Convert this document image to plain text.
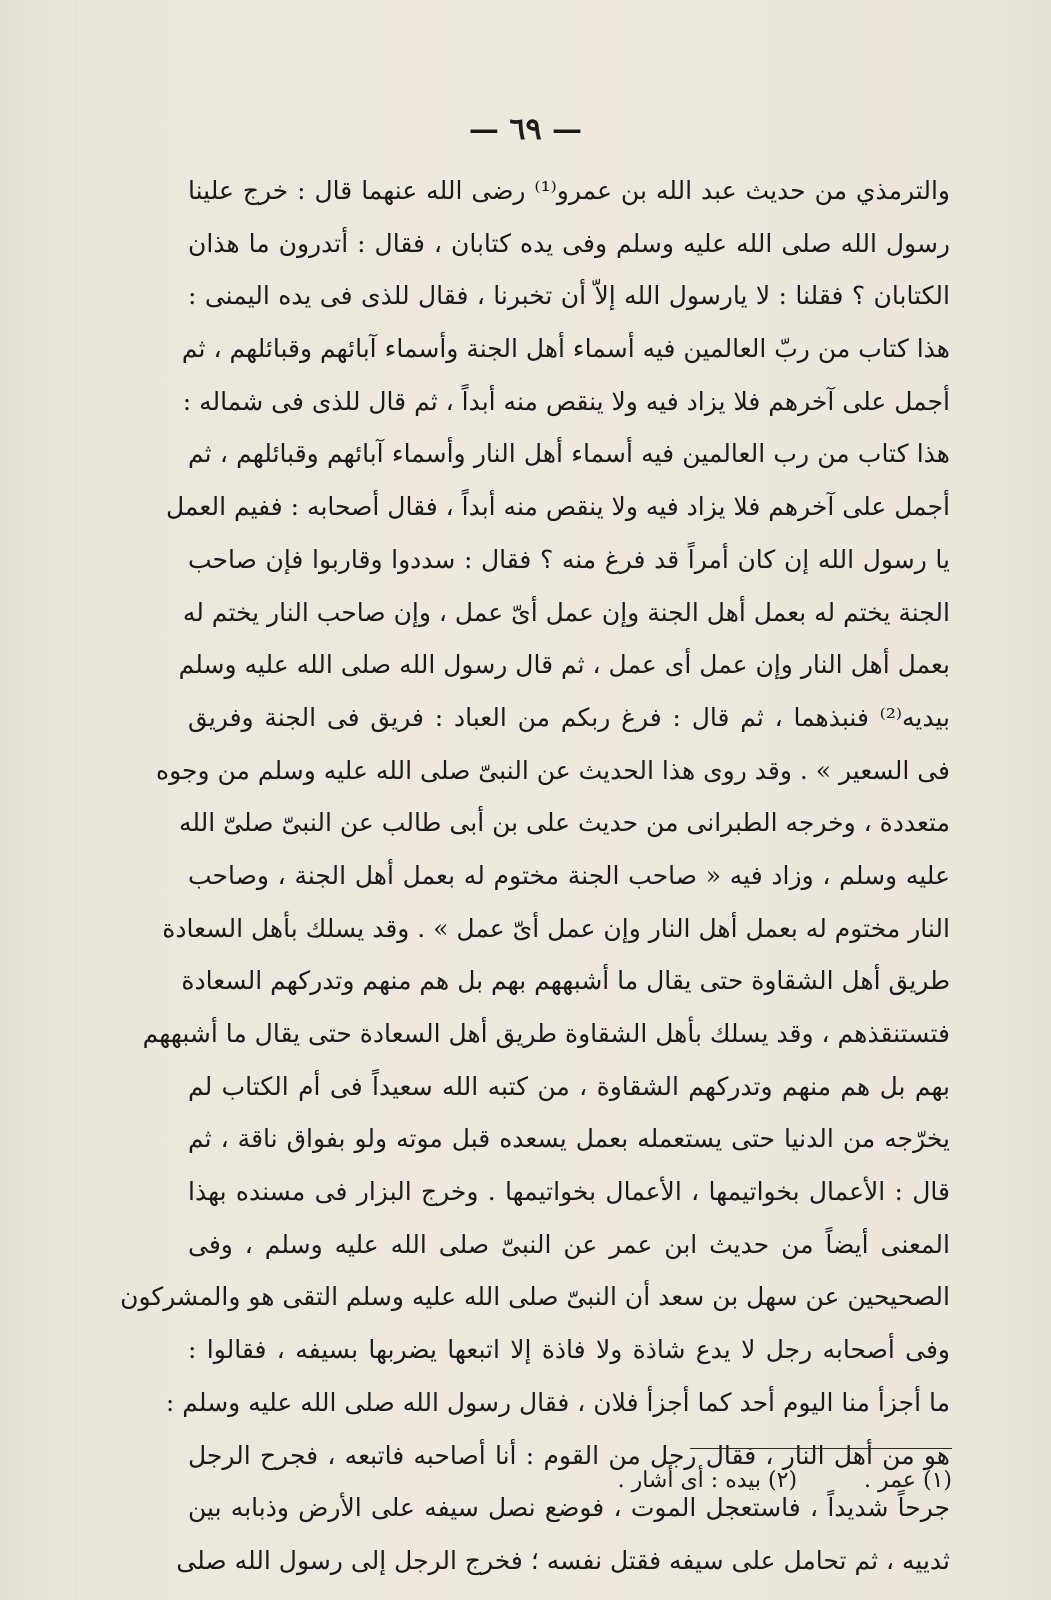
— ٦٩ —
والترمذي من حديث عبد الله بن عمرو⁽¹⁾ رضى الله عنهما قال : خرج علينا
رسول الله صلى الله عليه وسلم وفى يده كتابان ، فقال : أتدرون ما هذان
الكتابان ؟ فقلنا : لا يارسول الله إلاّ أن تخبرنا ، فقال للذى فى يده اليمنى :
هذا كتاب من ربّ العالمين فيه أسماء أهل الجنة وأسماء آبائهم وقبائلهم ، ثم
أجمل على آخرهم فلا يزاد فيه ولا ينقص منه أبداً ، ثم قال للذى فى شماله :
هذا كتاب من رب العالمين فيه أسماء أهل النار وأسماء آبائهم وقبائلهم ، ثم
أجمل على آخرهم فلا يزاد فيه ولا ينقص منه أبداً ، فقال أصحابه : ففيم العمل
يا رسول الله إن كان أمراً قد فرغ منه ؟ فقال : سددوا وقاربوا فإن صاحب
الجنة يختم له بعمل أهل الجنة وإن عمل أىّ عمل ، وإن صاحب النار يختم له
بعمل أهل النار وإن عمل أى عمل ، ثم قال رسول الله صلى الله عليه وسلم
بيديه⁽²⁾ فنبذهما ، ثم قال : فرغ ربكم من العباد : فريق فى الجنة وفريق
فى السعير » . وقد روى هذا الحديث عن النبىّ صلى الله عليه وسلم من وجوه
متعددة ، وخرجه الطبرانى من حديث على بن أبى طالب عن النبىّ صلىّ الله
عليه وسلم ، وزاد فيه « صاحب الجنة مختوم له بعمل أهل الجنة ، وصاحب
النار مختوم له بعمل أهل النار وإن عمل أىّ عمل » . وقد يسلك بأهل السعادة
طريق أهل الشقاوة حتى يقال ما أشبههم بهم بل هم منهم وتدركهم السعادة
فتستنقذهم ، وقد يسلك بأهل الشقاوة طريق أهل السعادة حتى يقال ما أشبههم
بهم بل هم منهم وتدركهم الشقاوة ، من كتبه الله سعيداً فى أم الكتاب لم
يخرّجه من الدنيا حتى يستعمله بعمل يسعده قبل موته ولو بفواق ناقة ، ثم
قال : الأعمال بخواتيمها ، الأعمال بخواتيمها . وخرج البزار فى مسنده بهذا
المعنى أيضاً من حديث ابن عمر عن النبىّ صلى الله عليه وسلم ، وفى
الصحيحين عن سهل بن سعد أن النبىّ صلى الله عليه وسلم التقى هو والمشركون
وفى أصحابه رجل لا يدع شاذة ولا فاذة إلا اتبعها يضربها بسيفه ، فقالوا :
ما أجزأ منا اليوم أحد كما أجزأ فلان ، فقال رسول الله صلى الله عليه وسلم :
هو من أهل النار ، فقال رجل من القوم : أنا أصاحبه فاتبعه ، فجرح الرجل
جرحاً شديداً ، فاستعجل الموت ، فوضع نصل سيفه على الأرض وذبابه بين
ثدييه ، ثم تحامل على سيفه فقتل نفسه ؛ فخرج الرجل إلى رسول الله صلى
(١) عمر . (٢) بيده : أى أشار .
